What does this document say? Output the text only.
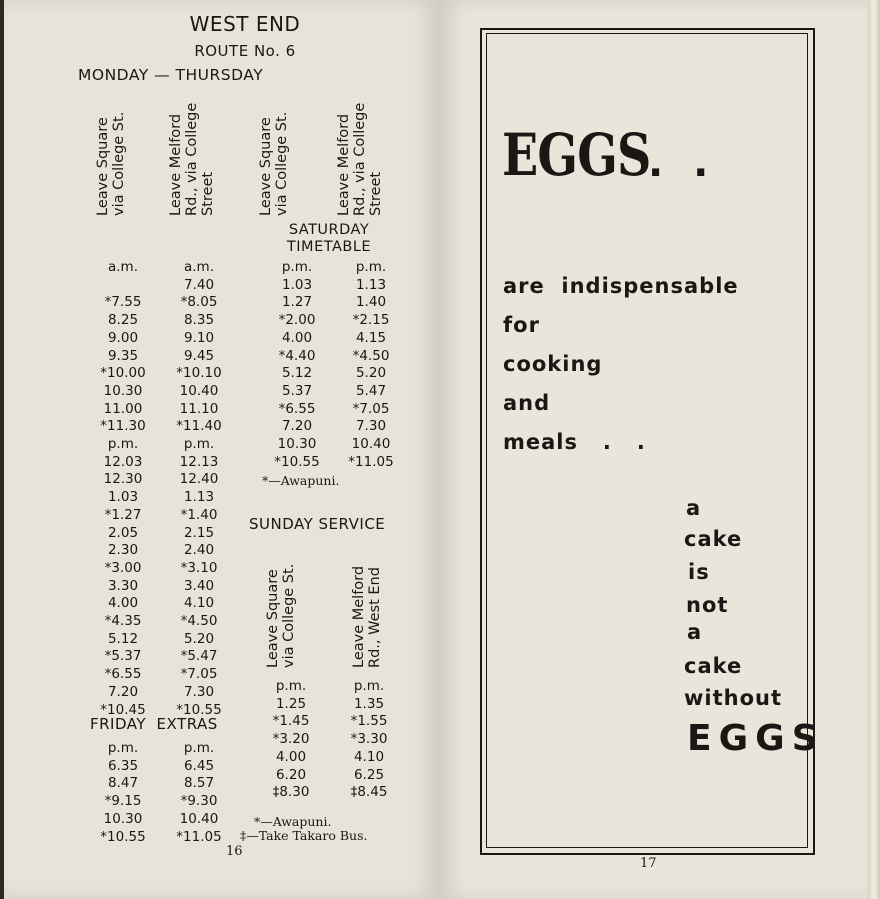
WEST END
ROUTE No. 6
MONDAY — THURSDAY
Leave Square
via College St.
Leave Melford
Rd., via College
Street	Leave Square
via College St.
Leave Melford
Rd., via College
Street
SATURDAY
TIMETABLE
a.m.

*7.55
8.25
9.00
9.35
*10.00
10.30
11.00
*11.30
p.m.
12.03
12.30
1.03
*1.27
2.05
2.30
*3.00
3.30
4.00
*4.35
5.12
*5.37
*6.55
7.20
*10.45
a.m.
7.40
*8.05
8.35
9.10
9.45
*10.10
10.40
11.10
*11.40
p.m.
12.13
12.40
1.13
*1.40
2.15
2.40
*3.10
3.40
4.10
*4.50
5.20
*5.47
*7.05
7.30
*10.55
p.m.
1.03
1.27
*2.00
4.00
*4.40
5.12
5.37
*6.55
7.20
10.30
*10.55
p.m.
1.13
1.40
*2.15
4.15
*4.50
5.20
5.47
*7.05
7.30
10.40
*11.05
*—Awapuni.
FRIDAY  EXTRAS
p.m.
6.35
8.47
*9.15
10.30
*10.55
p.m.
6.45
8.57
*9.30
10.40
*11.05
SUNDAY SERVICE
Leave Square
via College St.
Leave Melford
Rd., West End
p.m.
1.25
*1.45
*3.20
4.00
6.20
‡8.30
p.m.
1.35
*1.55
*3.30
4.10
6.25
‡8.45
*—Awapuni.
‡—Take Takaro Bus.
16
EGGS
. .
are  indispensable
for
cooking
and
meals   .   .
a
cake
is
not
a
cake
without
EGGS
17
